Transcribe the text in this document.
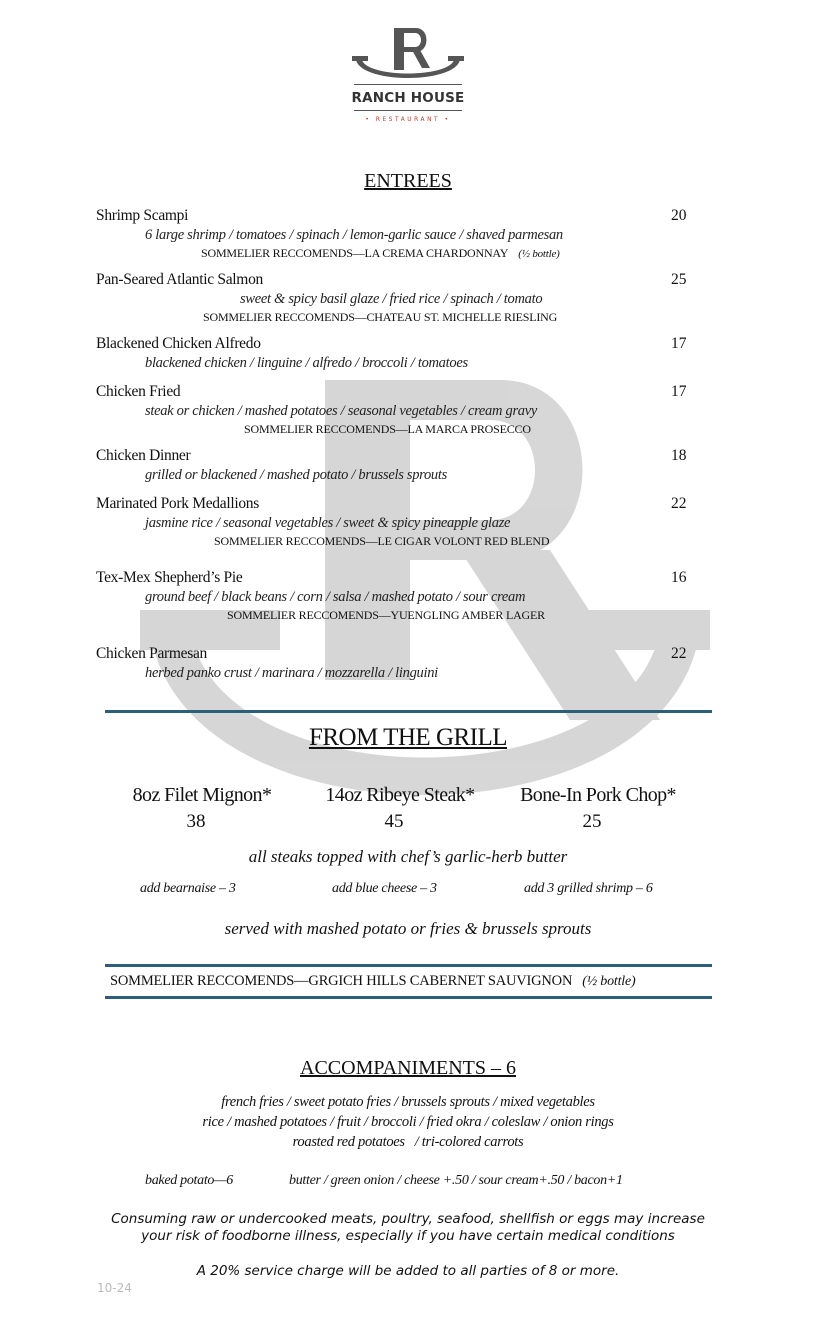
RANCH HOUSE
• RESTAURANT •
ENTREES
Shrimp Scampi	20
6 large shrimp / tomatoes / spinach / lemon-garlic sauce / shaved parmesan
SOMMELIER RECCOMENDS—LA CREMA CHARDONNAY (½ bottle)
Pan-Seared Atlantic Salmon	25
sweet & spicy basil glaze / fried rice / spinach / tomato
SOMMELIER RECCOMENDS—CHATEAU ST. MICHELLE RIESLING
Blackened Chicken Alfredo	17
blackened chicken / linguine / alfredo / broccoli / tomatoes
Chicken Fried	17
steak or chicken / mashed potatoes / seasonal vegetables / cream gravy
SOMMELIER RECCOMENDS—LA MARCA PROSECCO
Chicken Dinner	18
grilled or blackened / mashed potato / brussels sprouts
Marinated Pork Medallions	22
jasmine rice / seasonal vegetables / sweet & spicy pineapple glaze
SOMMELIER RECCOMENDS—LE CIGAR VOLONT RED BLEND
Tex-Mex Shepherd’s Pie	16
ground beef / black beans / corn / salsa / mashed potato / sour cream
SOMMELIER RECCOMENDS—YUENGLING AMBER LAGER
Chicken Parmesan	22
herbed panko crust / marinara / mozzarella / linguini
FROM THE GRILL
8oz Filet Mignon*	14oz Ribeye Steak*	Bone-In Pork Chop*
38	45	25
all steaks topped with chef’s garlic-herb butter
add bearnaise – 3	add blue cheese – 3	add 3 grilled shrimp – 6
served with mashed potato or fries & brussels sprouts
SOMMELIER RECCOMENDS—GRGICH HILLS CABERNET SAUVIGNON (½ bottle)
ACCOMPANIMENTS – 6
french fries / sweet potato fries / brussels sprouts / mixed vegetables
rice / mashed potatoes / fruit / broccoli / fried okra / coleslaw / onion rings
roasted red potatoes   / tri-colored carrots
baked potato—6	butter / green onion / cheese +.50 / sour cream+.50 / bacon+1
Consuming raw or undercooked meats, poultry, seafood, shellfish or eggs may increase
your risk of foodborne illness, especially if you have certain medical conditions
A 20% service charge will be added to all parties of 8 or more.
10-24
